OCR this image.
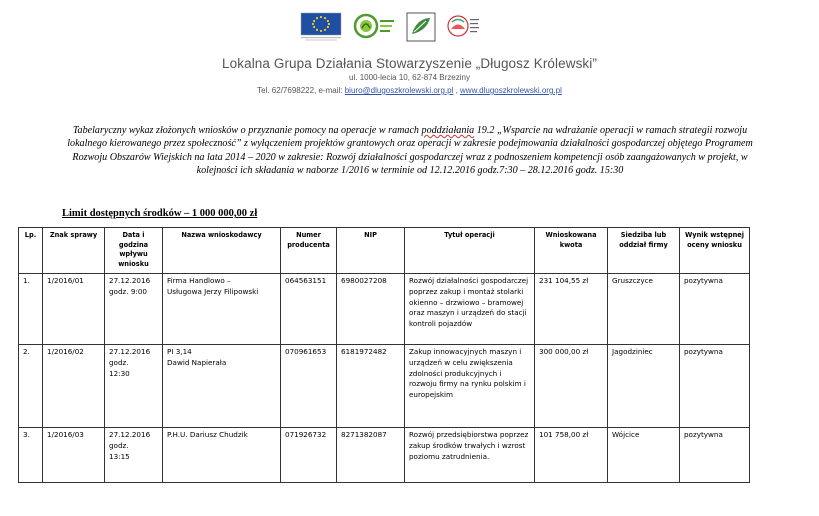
Lokalna Grupa Działania Stowarzyszenie „Długosz Królewski”
ul. 1000-lecia 10, 62-874 Brzeziny
Tel. 62/7698222, e-mail: biuro@dlugoszkrolewski.org.pl , www.dlugoszkrolewski.org.pl
Tabelaryczny wykaz złożonych wniosków o przyznanie pomocy na operacje w ramach poddziałania 19.2 „Wsparcie na wdrażanie operacji w ramach strategii rozwoju lokalnego kierowanego przez społeczność” z wyłączeniem projektów grantowych oraz operacji w zakresie podejmowania działalności gospodarczej objętego Programem Rozwoju Obszarów Wiejskich na lata 2014 – 2020 w zakresie: Rozwój działalności gospodarczej wraz z podnoszeniem kompetencji osób zaangażowanych w projekt, w kolejności ich składania w naborze 1/2016 w terminie od 12.12.2016 godz.7:30 – 28.12.2016 godz. 15:30
Limit dostępnych środków – 1 000 000,00 zł
Lp.	Znak sprawy	Data i godzina wpływu wniosku	Nazwa wnioskodawcy	Numer producenta	NIP	Tytuł operacji	Wnioskowana kwota	Siedziba lub oddział firmy	Wynik wstępnej oceny wniosku
1.	1/2016/01	27.12.2016
godz. 9:00	Firma Handlowo –
Usługowa Jerzy Filipowski	064563151	6980027208	Rozwój działalności gospodarczej poprzez zakup i montaż stolarki okienno – drzwiowo – bramowej oraz maszyn i urządzeń do stacji kontroli pojazdów	231 104,55 zł	Gruszczyce	pozytywna
2.	1/2016/02	27.12.2016
godz.
12:30	PI 3,14
Dawid Napierała	070961653	6181972482	Zakup innowacyjnych maszyn i urządzeń w celu zwiększenia zdolności produkcyjnych i rozwoju firmy na rynku polskim i europejskim	300 000,00 zł	Jagodziniec	pozytywna
3.	1/2016/03	27.12.2016
godz.
13:15	P.H.U. Dariusz Chudzik	071926732	8271382087	Rozwój przedsiębiorstwa poprzez zakup środków trwałych i wzrost poziomu zatrudnienia.	101 758,00 zł	Wójcice	pozytywna
